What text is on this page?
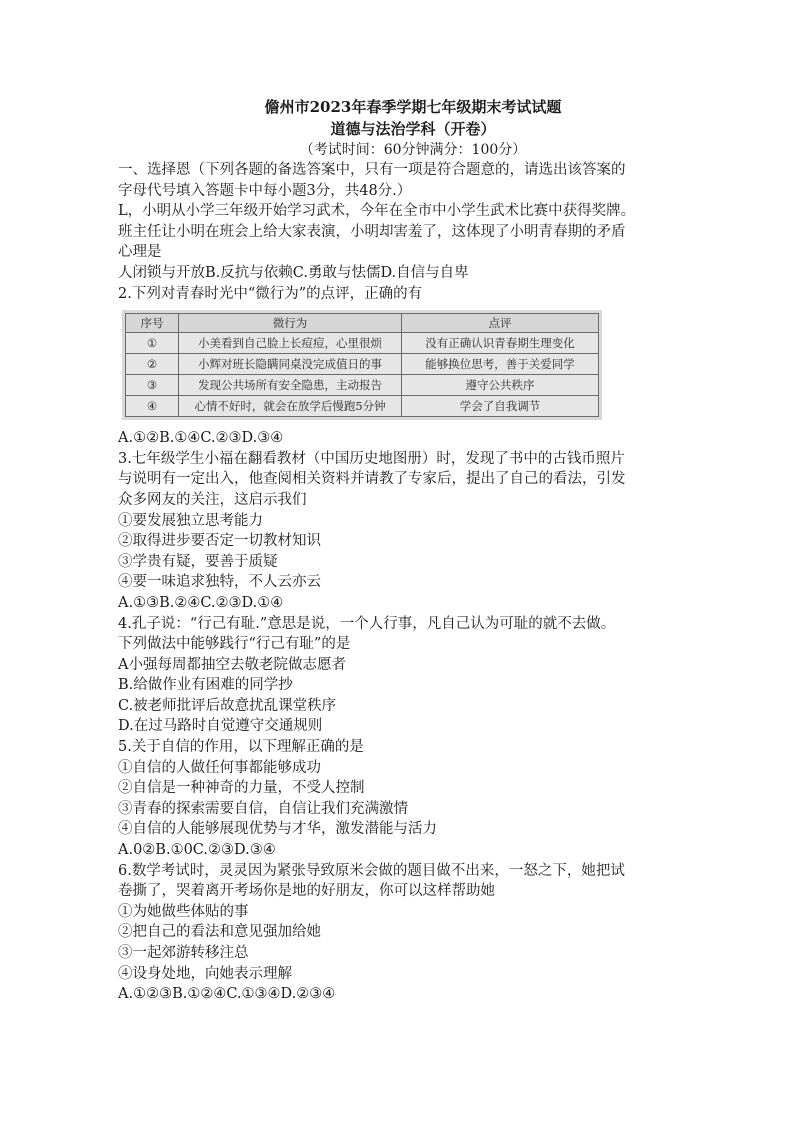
儋州市2023年春季学期七年级期末考试试题
道德与法治学科（开卷）
（考试时间：60分钟满分：100分）
一、选择恩（下列各题的备选答案中，只有一项是符合题意的，请选出该答案的
字母代号填入答题卡中每小题3分，共48分.）
L，小明从小学三年级开始学习武术，今年在全市中小学生武术比赛中获得奖牌。
班主任让小明在班会上给大家表演，小明却害羞了，这体现了小明青春期的矛盾
心理是
人闭锁与开放B.反抗与依赖C.勇敢与怯儒D.自信与自卑
2.下列对青春时光中“微行为”的点评，正确的有
序号	微行为	点评
①	小美看到自己脸上长痘痘，心里很烦	没有正确认识青春期生理变化
②	小辉对班长隐瞒同桌没完成值日的事	能够换位思考，善于关爱同学
③	发现公共场所有安全隐患，主动报告	遵守公共秩序
④	心情不好时，就会在放学后慢跑5分钟	学会了自我调节
A.①②B.①④C.②③D.③④
3.七年级学生小福在翻看教材（中国历史地图册）时，发现了书中的古钱币照片
与说明有一定出入，他查阅相关资料并请教了专家后，提出了自己的看法，引发
众多网友的关注，这启示我们
①要发展独立思考能力
②取得进步要否定一切教材知识
③学贵有疑，要善于质疑
④要一味追求独特，不人云亦云
A.①③B.②④C.②③D.①④
4.孔子说：“行己有耻.”意思是说，一个人行事，凡自己认为可耻的就不去做。
下列做法中能够践行“行己有耻”的是
A小强每周都抽空去敬老院做志愿者
B.给做作业有困难的同学抄
C.被老师批评后故意扰乱课堂秩序
D.在过马路时自觉遵守交通规则
5.关于自信的作用，以下理解正确的是
①自信的人做任何事都能够成功
②自信是一种神奇的力量，不受人控制
③青春的探索需要自信，自信让我们充满激情
④自信的人能够展现优势与才华，激发潜能与活力
A.0②B.①0C.②③D.③④
6.数学考试时，灵灵因为紧张导致原米会做的题目做不出来，一怒之下，她把试
卷撕了，哭着离开考场你是地的好朋友，你可以这样帮助她
①为她做些体贴的事
②把自己的看法和意见强加给她
③一起郊游转移注总
④设身处地，向她表示理解
A.①②③B.①②④C.①③④D.②③④
